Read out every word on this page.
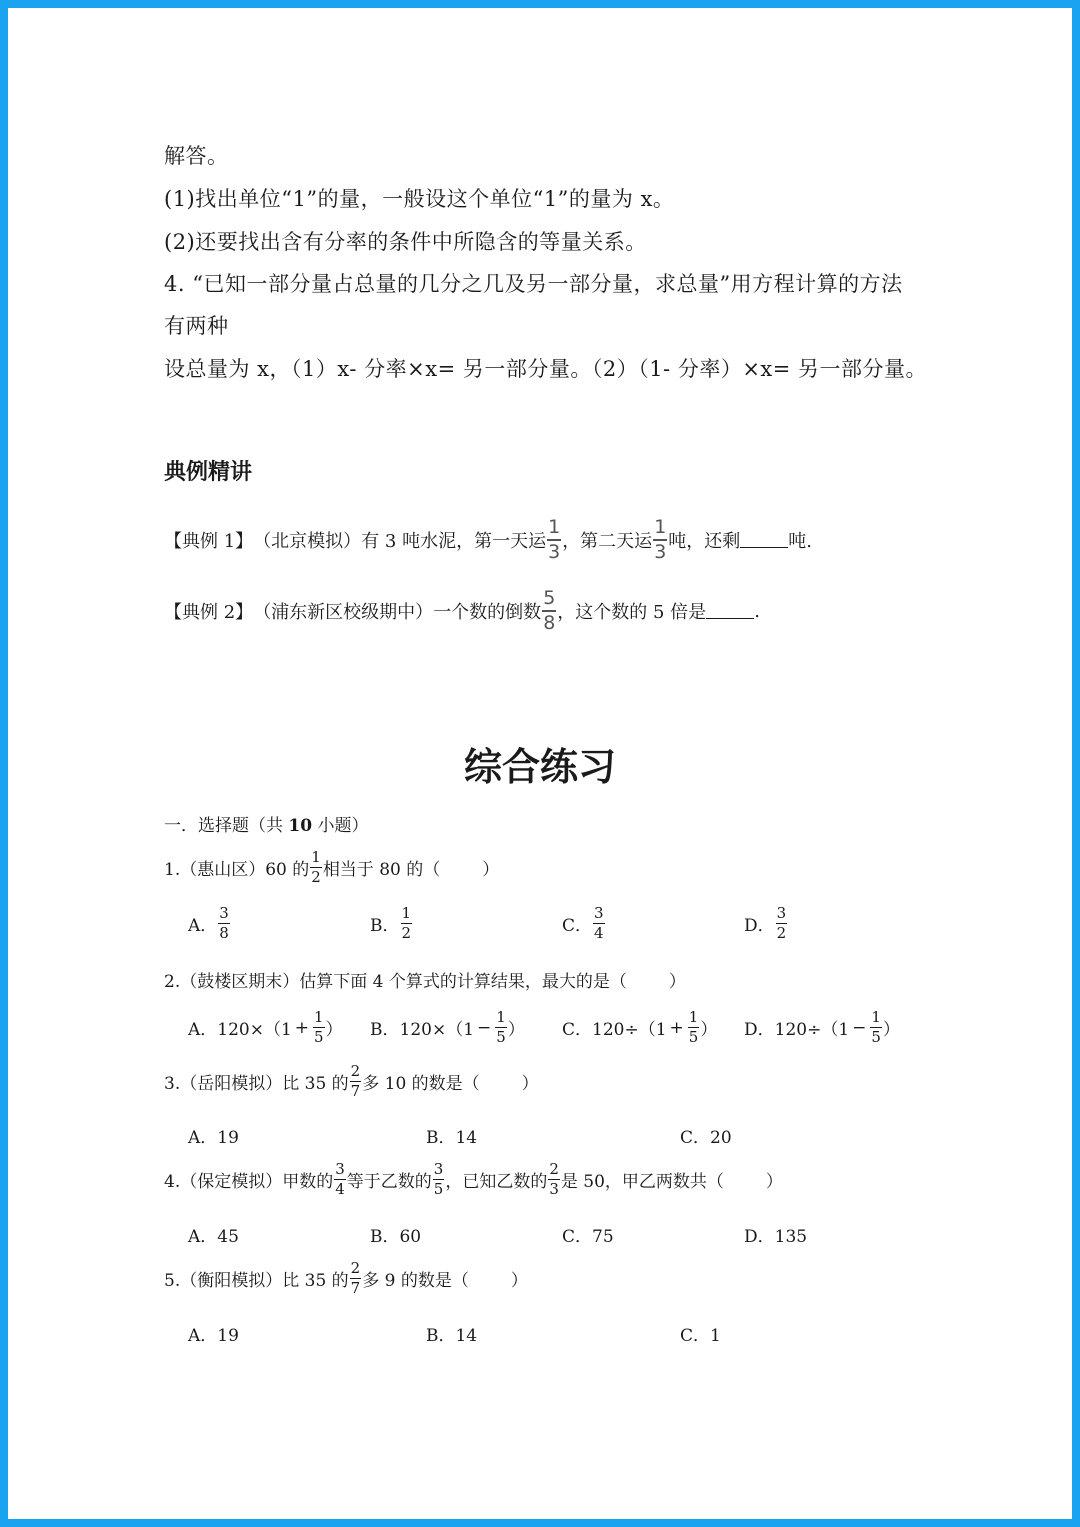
解答。
(1)找出单位“1”的量，一般设这个单位“1”的量为 x。
(2)还要找出含有分率的条件中所隐含的等量关系。
4. “已知一部分量占总量的几分之几及另一部分量，求总量”用方程计算的方法
有两种
设总量为 x，（1）x- 分率×x= 另一部分量。（2）（1- 分率）×x= 另一部分量。
典例精讲
【典例 1】 （北京模拟） 有 3 吨水泥，第一天运 $\frac{1}{3}$ ，第二天运 $\frac{1}{3}$ 吨，还剩	吨.
【典例 2】 （浦东新区校级期中） 一个数的倒数 $\frac{5}{8}$ ，这个数的 5 倍是	.
综合练习
一．选择题（共 10 小题）
1.（惠山区）60 的 $\frac{1}{2}$ 相当于 80 的（ ）
A． $\frac{3}{8}$	B． $\frac{1}{2}$	C． $\frac{3}{4}$	D． $\frac{3}{2}$
2.（鼓楼区期末）估算下面 4 个算式的计算结果，最大的是（ ）
A． $120\times(1 + \frac{1}{5}$ ） B． $120\times(1 - \frac{1}{5}$ ） C． $120\div(1 + \frac{1}{5}$ ） D． $120\div(1 - \frac{1}{5}$ ）
3.（岳阳模拟）比 35 的 $\frac{2}{7}$ 多 10 的数是（ ）
A．19	B．14	C．20
4.（保定模拟）甲数的 $\frac{3}{4}$ 等于乙数的 $\frac{3}{5}$ ，已知乙数的 $\frac{2}{3}$ 是 50，甲乙两数共（ ）
A．45	B．60	C．75	D．135
5.（衡阳模拟）比 35 的 $\frac{2}{7}$ 多 9 的数是（ ）
A．19	B．14	C．1
